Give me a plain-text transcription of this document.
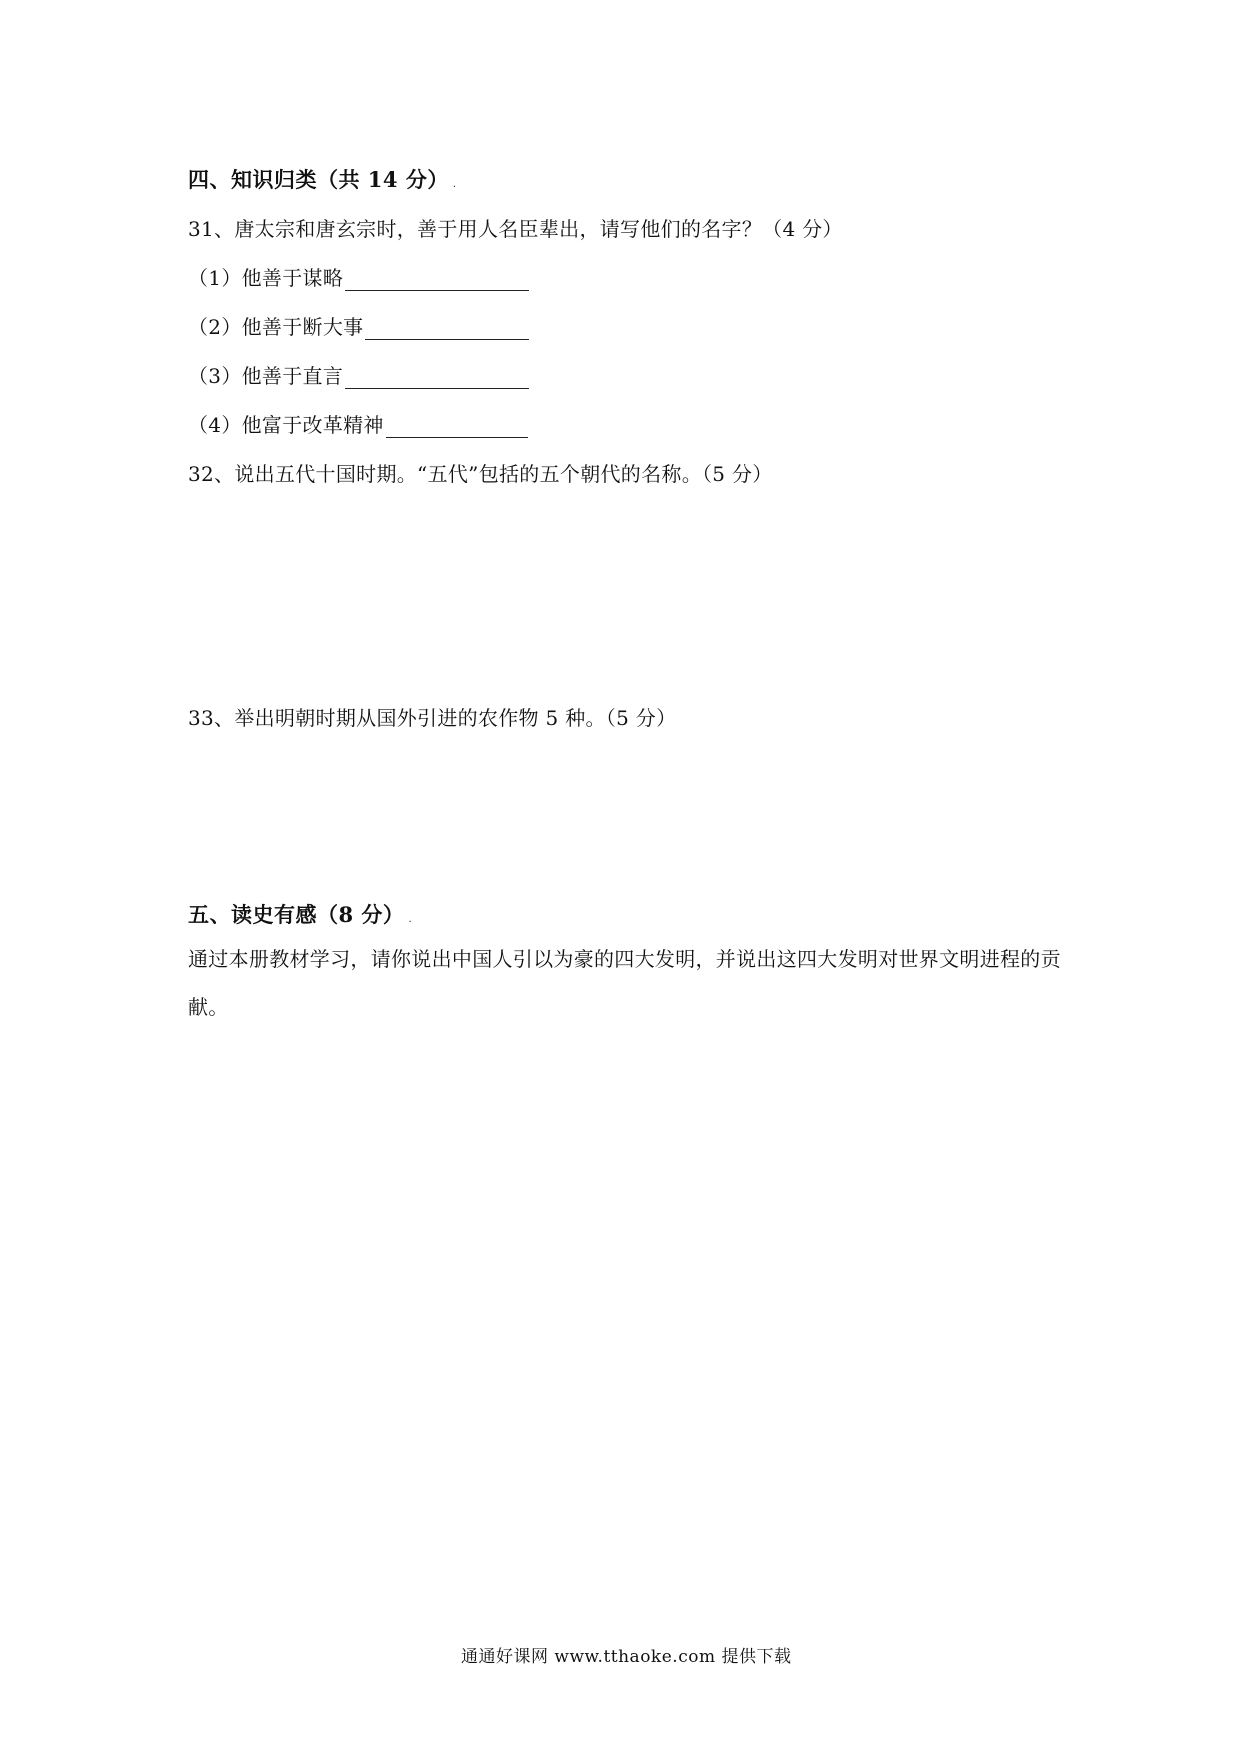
四、知识归类（共 14 分） .
31、唐太宗和唐玄宗时，善于用人名臣辈出，请写他们的名字？（4 分）
（1）他善于谋略
（2）他善于断大事
（3）他善于直言
（4）他富于改革精神
32、说出五代十国时期。“五代”包括的五个朝代的名称。（5 分）
33、举出明朝时期从国外引进的农作物 5 种。（5 分）
五、读史有感（8 分） .
通过本册教材学习，请你说出中国人引以为豪的四大发明，并说出这四大发明对世界文明进程的贡献。
通通好课网 www.tthaoke.com 提供下载
